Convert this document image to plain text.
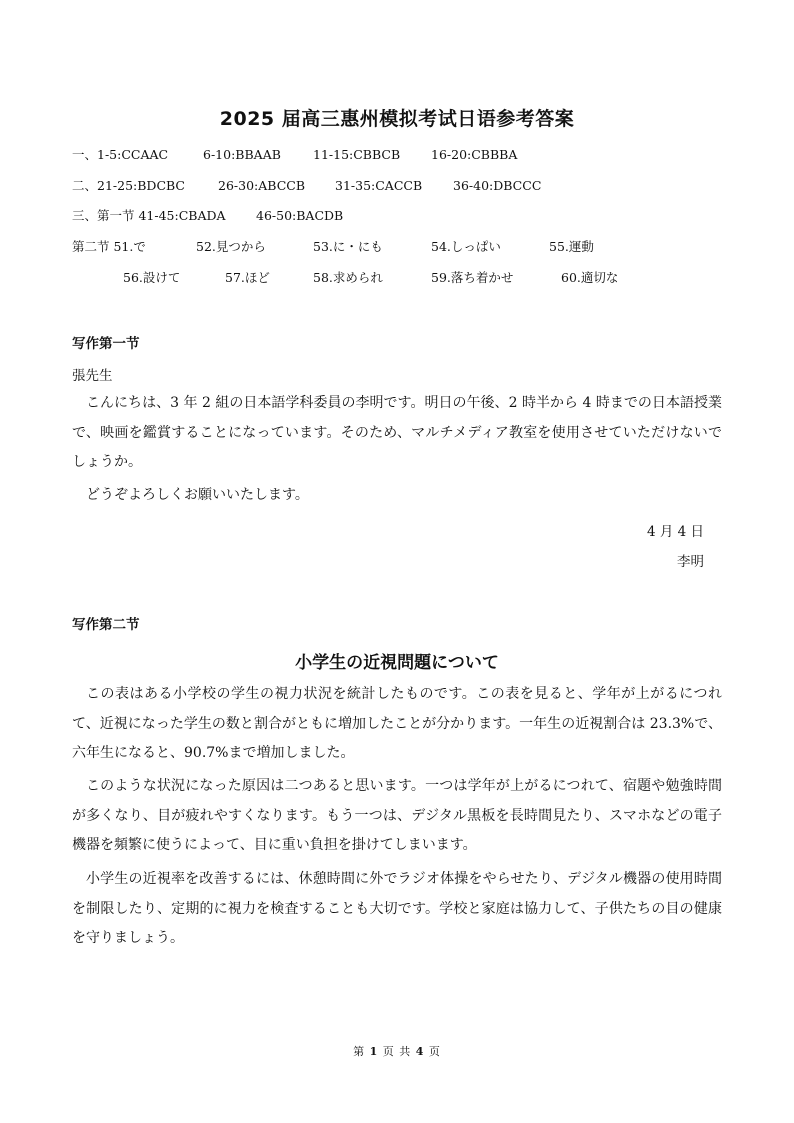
2025 届高三惠州模拟考试日语参考答案
一、1-5:CCAAC	6-10:BBAAB	11-15:CBBCB 16-20:CBBBA
二、21-25:BDCBC	26-30:ABCCB 31-35:CACCB 36-40:DBCCC
三、第一节 41-45:CBADA 46-50:BACDB
第二节 51.で	52.見つから	53.に・にも	54.しっぱい	55.運動
56.設けて	57.ほど	58.求められ	59.落ち着かせ	60.適切な
写作第一节
張先生

こんにちは、3 年 2 組の日本語学科委員の李明です。明日の午後、2 時半から 4 時までの日本語授業で、映画を鑑賞することになっています。そのため、マルチメディア教室を使用させていただけないでしょうか。

どうぞよろしくお願いいたします。

4 月 4 日
李明
写作第二节
小学生の近視問題について

この表はある小学校の学生の視力状況を統計したものです。この表を見ると、学年が上がるにつれて、近視になった学生の数と割合がともに増加したことが分かります。一年生の近視割合は 23.3%で、六年生になると、90.7%まで増加しました。

このような状況になった原因は二つあると思います。一つは学年が上がるにつれて、宿題や勉強時間が多くなり、目が疲れやすくなります。もう一つは、デジタル黒板を長時間見たり、スマホなどの電子機器を頻繁に使うによって、目に重い負担を掛けてしまいます。

小学生の近視率を改善するには、休憩時間に外でラジオ体操をやらせたり、デジタル機器の使用時間を制限したり、定期的に視力を検査することも大切です。学校と家庭は協力して、子供たちの目の健康を守りましょう。

第 1 页 共 4 页
